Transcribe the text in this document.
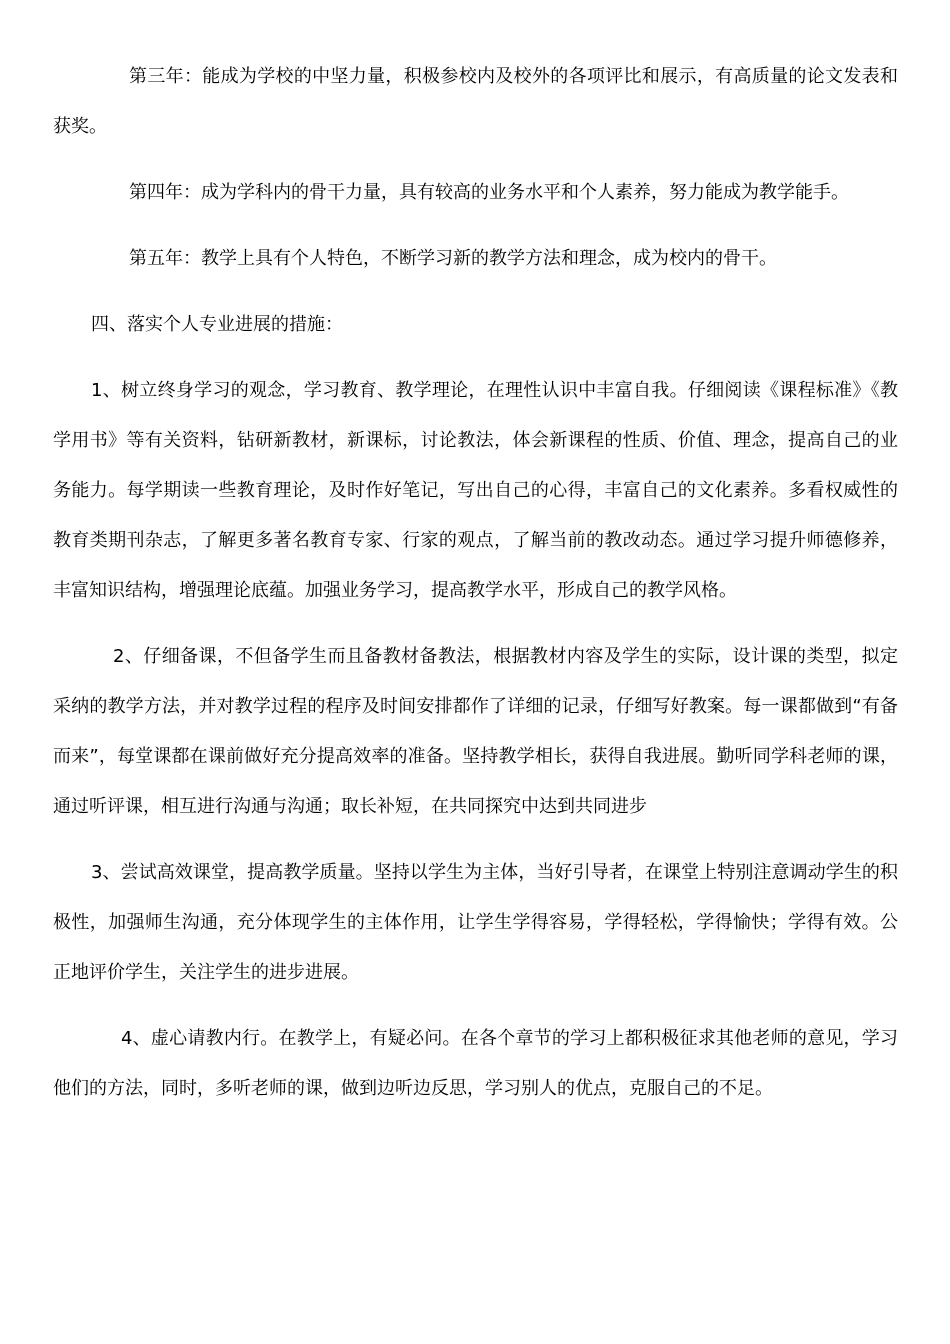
第三年：能成为学校的中坚力量，积极参校内及校外的各项评比和展示，有高质量的论文发表和获奖。

第四年：成为学科内的骨干力量，具有较高的业务水平和个人素养，努力能成为教学能手。

第五年：教学上具有个人特色，不断学习新的教学方法和理念，成为校内的骨干。

四、落实个人专业进展的措施：

1、树立终身学习的观念，学习教育、教学理论，在理性认识中丰富自我。仔细阅读《课程标准》《教学用书》等有关资料，钻研新教材，新课标，讨论教法，体会新课程的性质、价值、理念，提高自己的业务能力。每学期读一些教育理论，及时作好笔记，写出自己的心得，丰富自己的文化素养。多看权威性的教育类期刊杂志，了解更多著名教育专家、行家的观点，了解当前的教改动态。通过学习提升师德修养，丰富知识结构，增强理论底蕴。加强业务学习，提高教学水平，形成自己的教学风格。

2、仔细备课，不但备学生而且备教材备教法，根据教材内容及学生的实际，设计课的类型，拟定采纳的教学方法，并对教学过程的程序及时间安排都作了详细的记录，仔细写好教案。每一课都做到“有备而来”，每堂课都在课前做好充分提高效率的准备。坚持教学相长，获得自我进展。勤听同学科老师的课，通过听评课，相互进行沟通与沟通；取长补短，在共同探究中达到共同进步

3、尝试高效课堂，提高教学质量。坚持以学生为主体，当好引导者，在课堂上特别注意调动学生的积极性，加强师生沟通，充分体现学生的主体作用，让学生学得容易，学得轻松，学得愉快；学得有效。公正地评价学生，关注学生的进步进展。

4、虚心请教内行。在教学上，有疑必问。在各个章节的学习上都积极征求其他老师的意见，学习他们的方法，同时，多听老师的课，做到边听边反思，学习别人的优点，克服自己的不足。
